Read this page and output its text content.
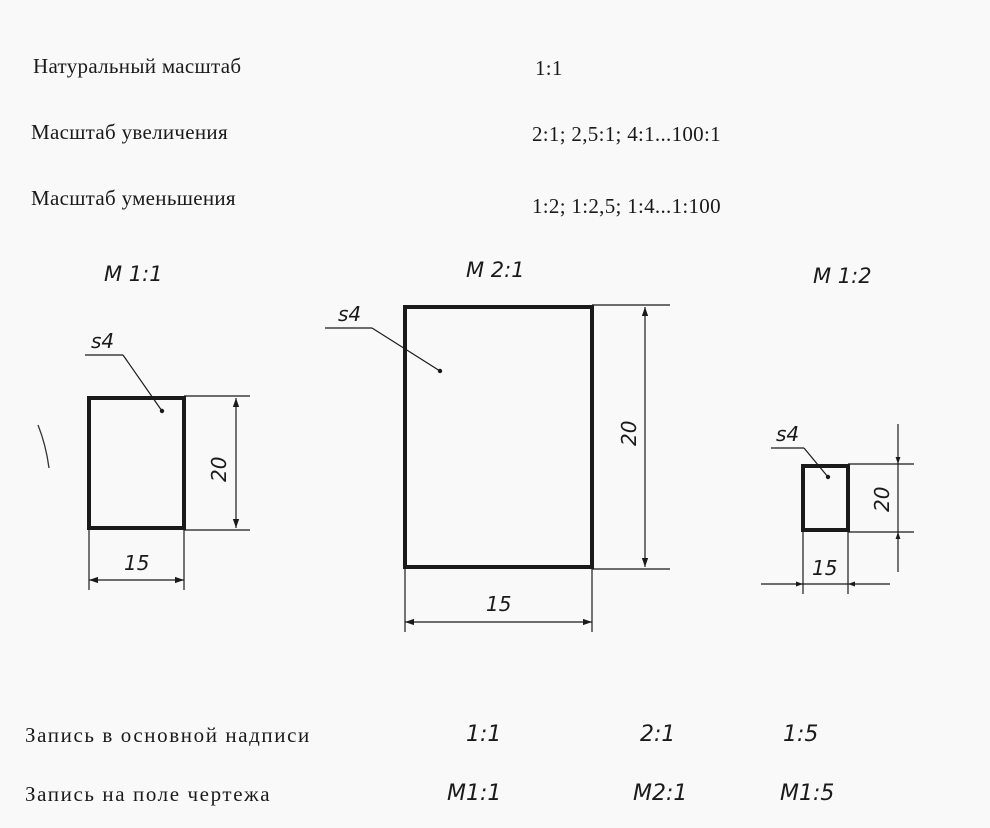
Натуральный масштаб	1:1
Масштаб увеличения	2:1; 2,5:1; 4:1...100:1
Масштаб уменьшения	1:2; 1:2,5; 1:4...1:100
M 1:1
s4
20
15
M 2:1
s4
20
15
M 1:2
s4
20
15
Запись в основной надписи	1:1	2:1	1:5
Запись на поле чертежа	M1:1	M2:1	M1:5
